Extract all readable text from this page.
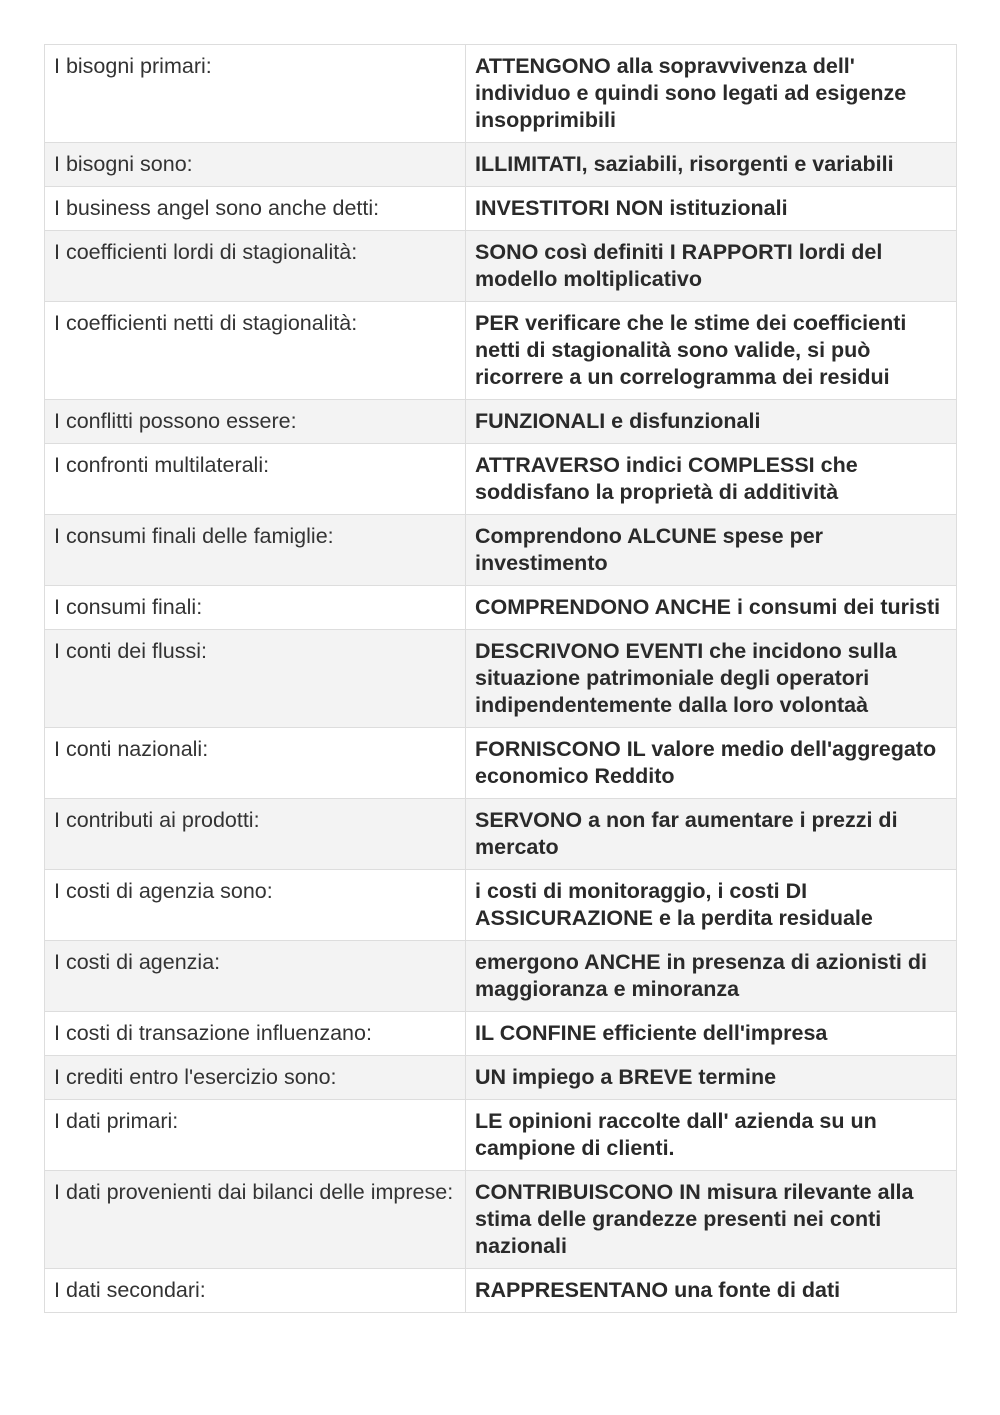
I bisogni primari:	ATTENGONO alla sopravvivenza dell' individuo e quindi sono legati ad esigenze insopprimibili
I bisogni sono:	ILLIMITATI, saziabili, risorgenti e variabili
I business angel sono anche detti:	INVESTITORI NON istituzionali
I coefficienti lordi di stagionalità:	SONO così definiti I RAPPORTI lordi del modello moltiplicativo
I coefficienti netti di stagionalità:	PER verificare che le stime dei coefficienti netti di stagionalità sono valide, si può ricorrere a un correlogramma dei residui
I conflitti possono essere:	FUNZIONALI e disfunzionali
I confronti multilaterali:	ATTRAVERSO indici COMPLESSI che soddisfano la proprietà di additività
I consumi finali delle famiglie:	Comprendono ALCUNE spese per investimento
I consumi finali:	COMPRENDONO ANCHE i consumi dei turisti
I conti dei flussi:	DESCRIVONO EVENTI che incidono sulla situazione patrimoniale degli operatori indipendentemente dalla loro volontaà
I conti nazionali:	FORNISCONO IL valore medio dell'aggregato economico Reddito
I contributi ai prodotti:	SERVONO a non far aumentare i prezzi di mercato
I costi di agenzia sono:	i costi di monitoraggio, i costi DI ASSICURAZIONE e la perdita residuale
I costi di agenzia:	emergono ANCHE in presenza di azionisti di maggioranza e minoranza
I costi di transazione influenzano:	IL CONFINE efficiente dell'impresa
I crediti entro l'esercizio sono:	UN impiego a BREVE termine
I dati primari:	LE opinioni raccolte dall' azienda su un campione di clienti.
I dati provenienti dai bilanci delle imprese:	CONTRIBUISCONO IN misura rilevante alla stima delle grandezze presenti nei conti nazionali
I dati secondari:	RAPPRESENTANO una fonte di dati
